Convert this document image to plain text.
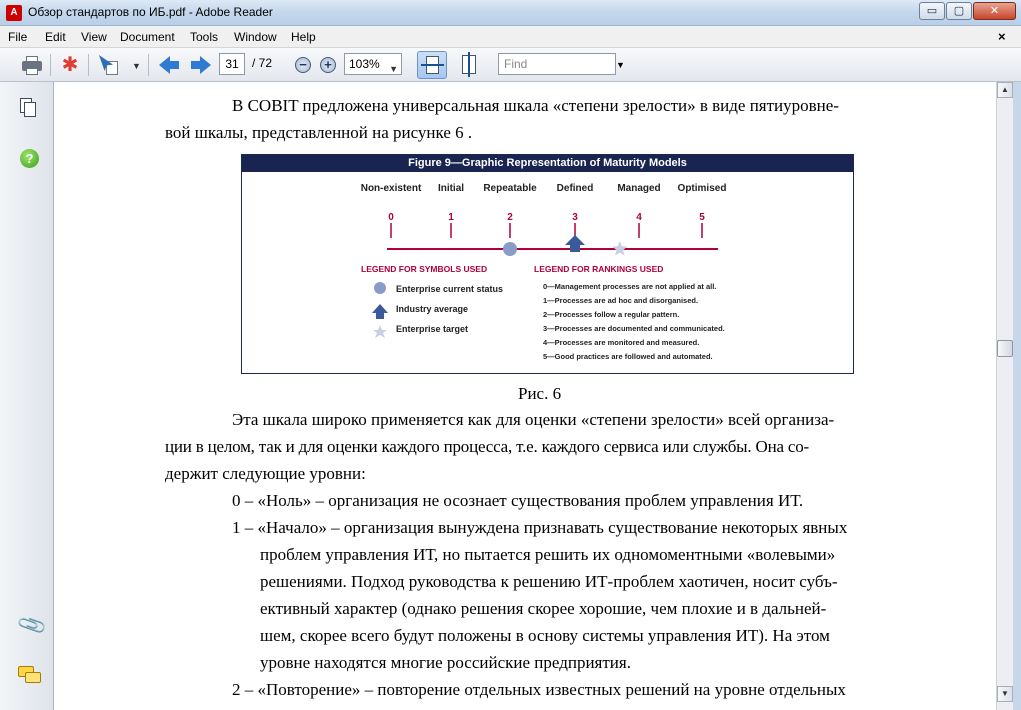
A Обзор стандартов по ИБ.pdf - Adobe Reader	▭	▢	✕
File Edit View Document Tools Window Help	×
✱	▼	31	/ 72	−	+	103% ▼	Find	▼
?
📎
В COBIT предложена универсальная шкала «степени зрелости» в виде пятиуровне-
вой шкалы, представленной на рисунке 6 .
Figure 9—Graphic Representation of Maturity Models
Non-existent Initial Repeatable Defined Managed Optimised
0	1	2	3	4	5
LEGEND FOR SYMBOLS USED
Enterprise current status
Industry average
Enterprise target
LEGEND FOR RANKINGS USED
0—Management processes are not applied at all.
1—Processes are ad hoc and disorganised.
2—Processes follow a regular pattern.
3—Processes are documented and communicated.
4—Processes are monitored and measured.
5—Good practices are followed and automated.
Рис. 6
Эта шкала широко применяется как для оценки «степени зрелости» всей организа-
ции в целом, так и для оценки каждого процесса, т.е. каждого сервиса или службы. Она со-
держит следующие уровни:
0 – «Ноль» – организация не осознает существования проблем управления ИТ.
1 – «Начало» – организация вынуждена признавать существование некоторых явных
проблем управления ИТ, но пытается решить их одномоментными «волевыми»
решениями. Подход руководства к решению ИТ-проблем хаотичен, носит субъ-
ективный характер (однако решения скорее хорошие, чем плохие и в дальней-
шем, скорее всего будут положены в основу системы управления ИТ). На этом
уровне находятся многие российские предприятия.
2 – «Повторение» – повторение отдельных известных решений на уровне отдельных
▲
▼
